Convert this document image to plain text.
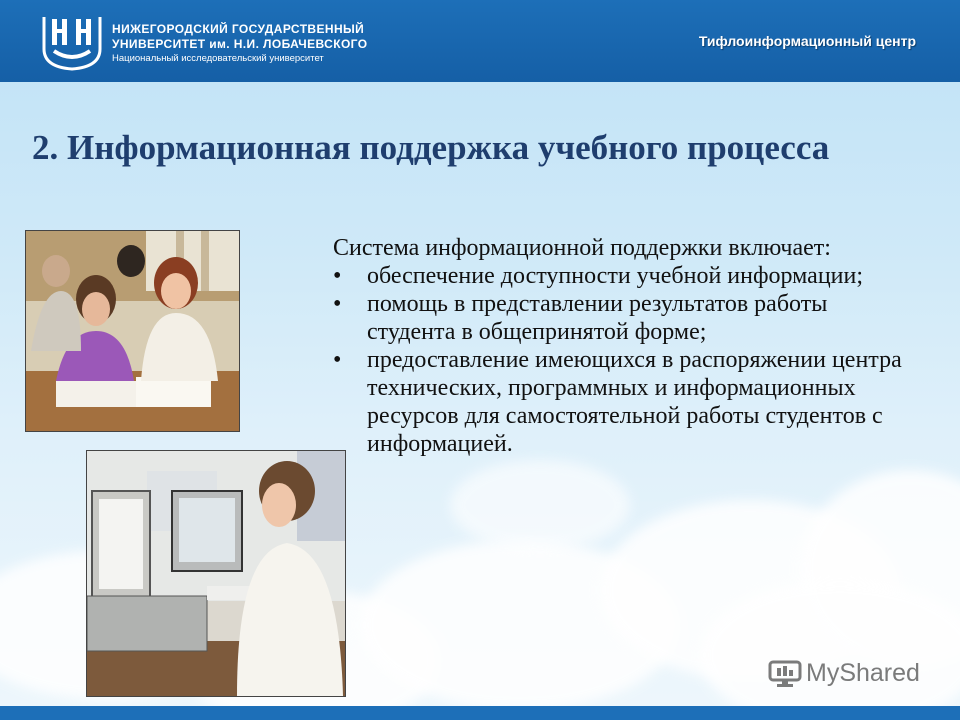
НИЖЕГОРОДСКИЙ ГОСУДАРСТВЕННЫЙ
УНИВЕРСИТЕТ им. Н.И. ЛОБАЧЕВСКОГО
Национальный исследовательский университет
Тифлоинформационный центр
2. Информационная поддержка учебного процесса

Система информационной поддержки включает:

• обеспечение доступности учебной информации;
• помощь в представлении результатов работы студента в общепринятой форме;
• предоставление имеющихся в распоряжении центра технических, программных и информационных ресурсов для самостоятельной работы студентов с информацией.
MyShared
